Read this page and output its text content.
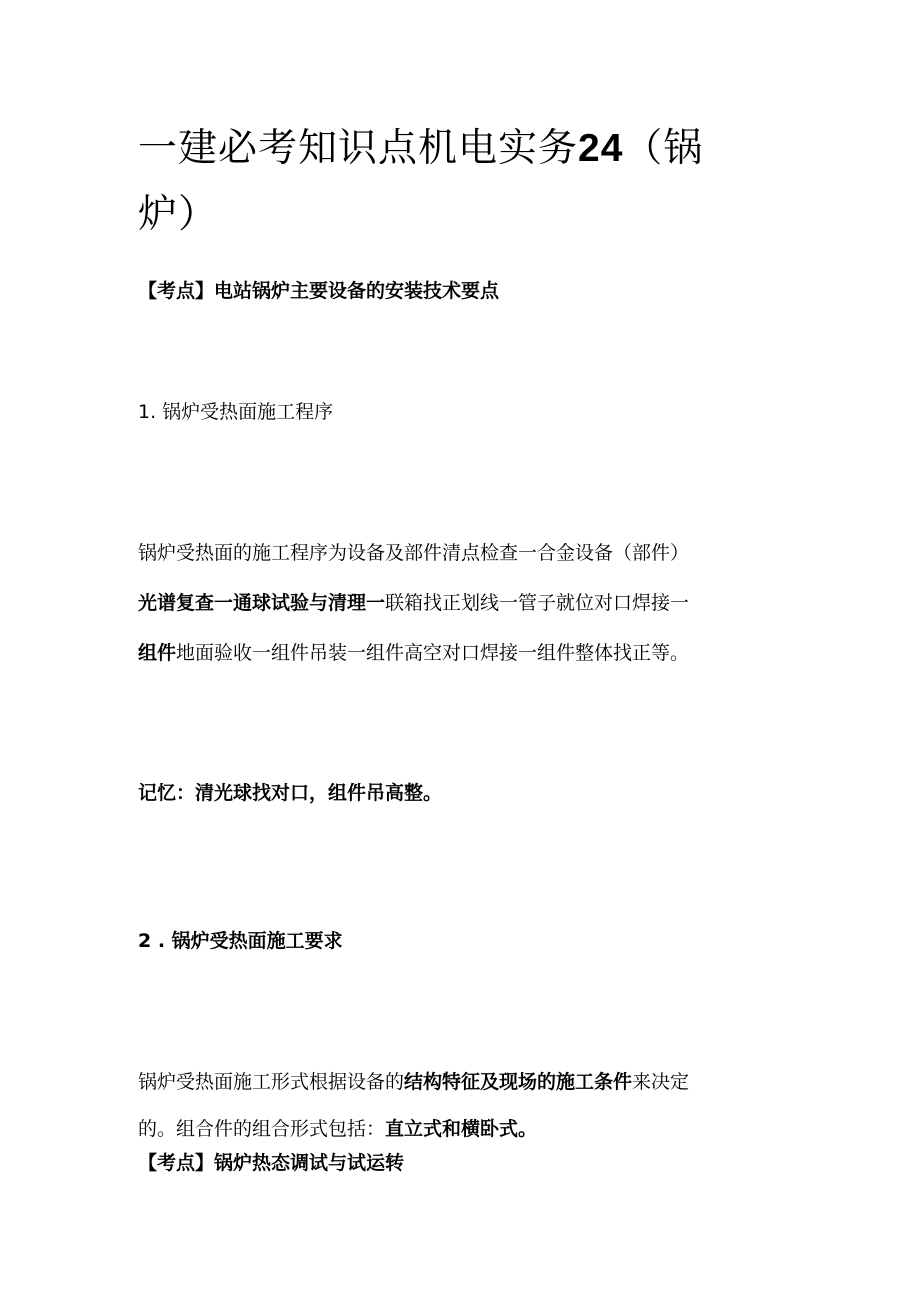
一建必考知识点机电实务24（锅
炉）
【考点】电站锅炉主要设备的安装技术要点
1. 锅炉受热面施工程序
锅炉受热面的施工程序为设备及部件清点检查一合金设备（部件）
光谱复查一通球试验与清理一联箱找正划线一管子就位对口焊接一
组件地面验收一组件吊装一组件高空对口焊接一组件整体找正等。
记忆：清光球找对口，组件吊高整。
2 . 锅炉受热面施工要求
锅炉受热面施工形式根据设备的结构特征及现场的施工条件来决定
的。组合件的组合形式包括：直立式和横卧式。
【考点】锅炉热态调试与试运转
